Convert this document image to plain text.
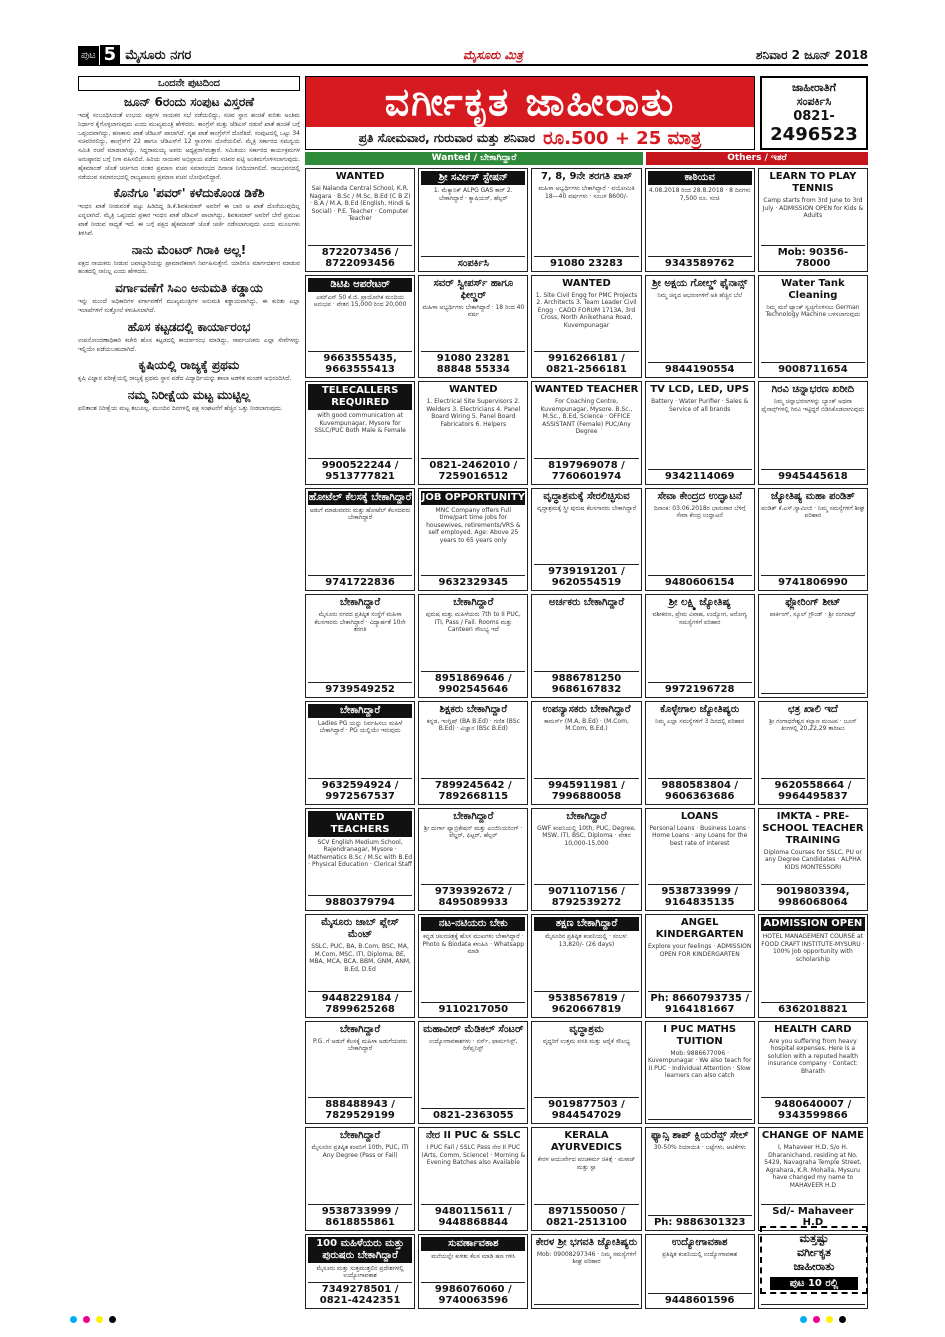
ಪುಟ 5 ಮೈಸೂರು ನಗರ	ಮೈಸೂರು ಮಿತ್ರ	ಶನಿವಾರ 2 ಜೂನ್ 2018
ಒಂದನೇ ಪುಟದಿಂದ
ಜೂನ್ 6ರಂದು ಸಂಪುಟ ವಿಸ್ತರಣೆ
ಇದಕ್ಕೆ ಸಂಬಂಧಿಸಿದಂತೆ ಉಭಯ ಪಕ್ಷಗಳ ನಾಯಕರ ಸಭೆ ನಡೆಯಲಿದ್ದು, ಸಚಿವ ಸ್ಥಾನ ಹಂಚಿಕೆ ಕುರಿತು ಅಂತಿಮ ನಿರ್ಧಾರ ಕೈಗೊಳ್ಳಲಾಗುವುದು ಎಂದು ಮುಖ್ಯಮಂತ್ರಿ ಹೇಳಿದರು. ಕಾಂಗ್ರೆಸ್ ಮತ್ತು ಜೆಡಿಎಸ್ ನಡುವೆ ಖಾತೆ ಹಂಚಿಕೆ ಬಗ್ಗೆ ಒಪ್ಪಂದವಾಗಿದ್ದು, ಹಣಕಾಸು ಖಾತೆ ಜೆಡಿಎಸ್ ಪಾಲಾಗಿದೆ. ಗೃಹ ಖಾತೆ ಕಾಂಗ್ರೆಸ್‌ಗೆ ದೊರೆತಿದೆ. ಸಂಪುಟದಲ್ಲಿ ಒಟ್ಟು 34 ಸಚಿವರಿರಲಿದ್ದು, ಕಾಂಗ್ರೆಸ್‌ಗೆ 22 ಹಾಗೂ ಜೆಡಿಎಸ್‌ಗೆ 12 ಸ್ಥಾನಗಳು ದೊರೆಯಲಿವೆ. ಮೈತ್ರಿ ಸರ್ಕಾರದ ಸಮನ್ವಯ ಸಮಿತಿ ರಚನೆ ಮಾಡಲಾಗಿದ್ದು, ಸಿದ್ದರಾಮಯ್ಯ ಅವರು ಅಧ್ಯಕ್ಷರಾಗಿರುತ್ತಾರೆ. ಸಮಿತಿಯು ಸರ್ಕಾರದ ಕಾರ್ಯಕ್ರಮಗಳ ಅನುಷ್ಠಾನದ ಬಗ್ಗೆ ನಿಗಾ ವಹಿಸಲಿದೆ. ಹಿರಿಯ ನಾಯಕರ ಅಭಿಪ್ರಾಯ ಪಡೆದು ಸಚಿವರ ಪಟ್ಟಿ ಅಂತಿಮಗೊಳಿಸಲಾಗುವುದು. ಹೈಕಮಾಂಡ್ ಜೊತೆ ಚರ್ಚಿಸಿದ ನಂತರ ಪ್ರಮಾಣ ವಚನ ಸಮಾರಂಭದ ದಿನಾಂಕ ನಿಗದಿಯಾಗಲಿದೆ. ರಾಜಭವನದಲ್ಲಿ ನಡೆಯುವ ಸಮಾರಂಭದಲ್ಲಿ ರಾಜ್ಯಪಾಲರು ಪ್ರಮಾಣ ವಚನ ಬೋಧಿಸಲಿದ್ದಾರೆ.
ಕೊನೆಗೂ 'ಪವರ್' ಕಳೆದುಕೊಂಡ ಡಿಕೆಶಿ
ಇಂಧನ ಖಾತೆ ನೀಡುವಂತೆ ಪಟ್ಟು ಹಿಡಿದಿದ್ದ ಡಿ.ಕೆ.ಶಿವಕುಮಾರ್ ಅವರಿಗೆ ಈ ಬಾರಿ ಆ ಖಾತೆ ದೊರೆಯುವುದಿಲ್ಲ ಎನ್ನಲಾಗಿದೆ. ಮೈತ್ರಿ ಒಪ್ಪಂದದ ಪ್ರಕಾರ ಇಂಧನ ಖಾತೆ ಜೆಡಿಎಸ್ ಪಾಲಾಗಿದ್ದು, ಶಿವಕುಮಾರ್ ಅವರಿಗೆ ಬೇರೆ ಪ್ರಮುಖ ಖಾತೆ ನೀಡುವ ಸಾಧ್ಯತೆ ಇದೆ. ಈ ಬಗ್ಗೆ ಪಕ್ಷದ ಹೈಕಮಾಂಡ್ ಜೊತೆ ಚರ್ಚೆ ನಡೆಸಲಾಗುವುದು ಎಂದು ಮೂಲಗಳು ತಿಳಿಸಿವೆ.
ನಾನು ಮೆಂಟರ್ ಗಿರಾಕಿ ಅಲ್ಲ!
ಪಕ್ಷದ ನಾಯಕರು ನೀಡುವ ಜವಾಬ್ದಾರಿಯನ್ನು ಪ್ರಾಮಾಣಿಕವಾಗಿ ನಿರ್ವಹಿಸುತ್ತೇನೆ. ಯಾರಿಗೂ ಮಾರ್ಗದರ್ಶನ ಮಾಡುವ ಹಂತದಲ್ಲಿ ನಾನಿಲ್ಲ ಎಂದು ಹೇಳಿದರು.
ವರ್ಗಾವಣೆಗೆ ಸಿಎಂ ಅನುಮತಿ ಕಡ್ಡಾಯ
ಇನ್ನು ಮುಂದೆ ಅಧಿಕಾರಿಗಳ ವರ್ಗಾವಣೆಗೆ ಮುಖ್ಯಮಂತ್ರಿಗಳ ಅನುಮತಿ ಕಡ್ಡಾಯವಾಗಿದ್ದು, ಈ ಕುರಿತು ಎಲ್ಲಾ ಇಲಾಖೆಗಳಿಗೆ ಸುತ್ತೋಲೆ ಕಳುಹಿಸಲಾಗಿದೆ.
ಹೊಸ ಕಟ್ಟಡದಲ್ಲಿ ಕಾರ್ಯಾರಂಭ
ಉಪನೋಂದಣಾಧಿಕಾರಿ ಕಚೇರಿ ಹೊಸ ಕಟ್ಟಡದಲ್ಲಿ ಕಾರ್ಯಾರಂಭ ಮಾಡಿದ್ದು, ಸಾರ್ವಜನಿಕರು ಎಲ್ಲಾ ಸೇವೆಗಳನ್ನು ಇಲ್ಲಿಯೇ ಪಡೆಯಬಹುದಾಗಿದೆ.
ಕೃಷಿಯಲ್ಲಿ ರಾಜ್ಯಕ್ಕೆ ಪ್ರಥಮ
ಕೃಷಿ ವಿಜ್ಞಾನ ಪರೀಕ್ಷೆಯಲ್ಲಿ ರಾಜ್ಯಕ್ಕೆ ಪ್ರಥಮ ಸ್ಥಾನ ಪಡೆದ ವಿದ್ಯಾರ್ಥಿಯನ್ನು ಶಾಲಾ ಆಡಳಿತ ಮಂಡಳಿ ಅಭಿನಂದಿಸಿದೆ.
ನಮ್ಮ ನಿರೀಕ್ಷೆಯ ಮಟ್ಟ ಮುಟ್ಟಿಲ್ಲ
ಫಲಿತಾಂಶ ನಿರೀಕ್ಷೆಯ ಮಟ್ಟ ತಲುಪಿಲ್ಲ. ಮುಂದಿನ ದಿನಗಳಲ್ಲಿ ಪಕ್ಷ ಸಂಘಟನೆಗೆ ಹೆಚ್ಚಿನ ಒತ್ತು ನೀಡಲಾಗುವುದು.
ವರ್ಗೀಕೃತ ಜಾಹೀರಾತು
ಪ್ರತಿ ಸೋಮವಾರ, ಗುರುವಾರ ಮತ್ತು ಶನಿವಾರ ರೂ.500 + 25 ಮಾತ್ರ
ಜಾಹೀರಾತಿಗೆ
ಸಂಪರ್ಕಿಸಿ
0821-
2496523
Wanted / ಬೇಕಾಗಿದ್ದಾರೆ	Others / ಇತರೆ
WANTED
Sai Nalanda Central School, K.R. Nagara · B.Sc / M.Sc, B.Ed (C B Z) · B.A / M.A, B.Ed (English, Hindi & Social) · P.E. Teacher · Computer Teacher
8722073456 / 8722093456
ಶ್ರೀ ಸರ್ವೀಸ್ ಸ್ಟೇಷನ್
1. ಮೆಕ್ಯಾನಿಕ್ ALPG GAS ಕಾರ್ 2. ಬೇಕಾಗಿದ್ದಾರೆ · ಕ್ಯಾಷಿಯರ್, ಹೆಲ್ಪರ್
ಸಂಪರ್ಕಿಸಿ
7, 8, 9ನೇ ತರಗತಿ ಪಾಸ್
ಮಹಿಳಾ ಅಭ್ಯರ್ಥಿಗಳು ಬೇಕಾಗಿದ್ದಾರೆ · ವಯೋಮಿತಿ 18—40 ವರ್ಷಗಳು · ಸಂಬಳ 8600/-
91080 23283
ಕಾಠಿಯವ
4.08.2018 ರಿಂದ 28.8.2018 · 8 ದಿನಗಳು 7,500 ರೂ. ಸಂಚಿ
9343589762
LEARN TO PLAY TENNIS
Camp starts from 3rd June to 3rd July · ADMISSION OPEN for Kids & Adults
Mob: 90356-78000
ಡಿಟಿಪಿ ಆಪರೇಟರ್
ಎಮ್‌ಎಸ್ 50 ಕೆ.ಜಿ. ಪ್ರಾಯೋಗಿಕ ಮಂದಿಯ ಅನುಭವ · ವೇತನ 15,000 ರಿಂದ 20,000
9663555435, 9663555413
ಸವರ್ ಸ್ವೀಪರ್ಸ್ ಹಾಗೂ ಫೀಲ್ಡರ್
ಮಹಿಳಾ ಅಭ್ಯರ್ಥಿಗಳು ಬೇಕಾಗಿದ್ದಾರೆ · 18 ರಿಂದ 40 ವರ್ಷ
91080 23281 88848 55334
WANTED
1. Site Civil Engg for PMC Projects 2. Architects 3. Team Leader Civil Engg · CADD FORUM 1713A, 3rd Cross, North Anikethana Road, Kuvempunagar
9916266181 / 0821-2566181
ಶ್ರೀ ಅಕ್ಷಯ ಗೋಲ್ಡ್ ಫೈನಾನ್ಸ್
ನಿಮ್ಮ ಚಿನ್ನದ ಆಭರಣಗಳಿಗೆ ಅತಿ ಹೆಚ್ಚಿನ ಬೆಲೆ
9844190554
Water Tank Cleaning
ನಿಮ್ಮ ಮನೆ ಟ್ಯಾಂಕ್ ಸ್ವಚ್ಛಗೊಳಿಸಲು German Technology Machine ಬಳಸಲಾಗುವುದು
9008711654
TELECALLERS REQUIRED
with good communication at Kuvempunagar, Mysore for SSLC/PUC Both Male & Female
9900522244 / 9513777821
WANTED
1. Electrical Site Supervisors 2. Welders 3. Electricians 4. Panel Board Wiring 5. Panel Board Fabricators 6. Helpers
0821-2462010 / 7259016512
WANTED TEACHER
For Coaching Centre, Kuvempunagar, Mysore. B.Sc., M.Sc., B.Ed, Science · OFFICE ASSISTANT (Female) PUC/Any Degree
8197969078 / 7760601974
TV LCD, LED, UPS
Battery · Water Purifier · Sales & Service of all brands
9342114069
ಗಿರವಿ ಚಿನ್ನಾಭರಣ ಖರೀದಿ
ನಿಮ್ಮ ಚಿನ್ನಾಭರಣಗಳನ್ನು ಬ್ಯಾಂಕ್ ಅಥವಾ ಫೈನಾನ್ಸ್‌ಗಳಲ್ಲಿ ಗಿರವಿ ಇಟ್ಟಿದ್ದರೆ ಬಿಡಿಸಿಕೊಡಲಾಗುವುದು
9945445618
ಹೋಟೆಲ್ ಕೆಲಸಕ್ಕೆ ಬೇಕಾಗಿದ್ದಾರೆ
ಅಡುಗೆ ಮಾಡುವವರು ಮತ್ತು ಹೋಟೆಲ್ ಕೆಲಸದವರು ಬೇಕಾಗಿದ್ದಾರೆ
9741722836
JOB OPPORTUNITY
MNC Company offers Full time/part time jobs for housewives, retirements/VRS & self employed. Age: Above 25 years to 65 years only
9632329345
ವೃದ್ಧಾಶ್ರಮಕ್ಕೆ ಸೇರಲಿಚ್ಛಿಸುವ
ವೃದ್ಧಾಶ್ರಮಕ್ಕೆ ಸ್ತ್ರೀ ಪುರುಷ ಕೆಲಸಗಾರರು ಬೇಕಾಗಿದ್ದಾರೆ
9739191201 / 9620554519
ಸೇವಾ ಕೇಂದ್ರದ ಉದ್ಘಾಟನೆ
ದಿನಾಂಕ: 03.06.2018ರ ಭಾನುವಾರ ಬೆಳಿಗ್ಗೆ ಸೇವಾ ಕೇಂದ್ರ ಉದ್ಘಾಟನೆ
9480606154
ಜ್ಯೋತಿಷ್ಯ ಮಹಾ ಪಂಡಿತ್
ಪಂಡಿತ್ ಕೆ.ಎಸ್.ಸ್ವಾಮೀಜಿ · ನಿಮ್ಮ ಸಮಸ್ಯೆಗಳಿಗೆ ಶೀಘ್ರ ಪರಿಹಾರ
9741806990
ಬೇಕಾಗಿದ್ದಾರೆ
ಮೈಸೂರು ನಗರದ ಪ್ರತಿಷ್ಠಿತ ಸಂಸ್ಥೆಗೆ ಮಹಿಳಾ ಕೆಲಸಗಾರರು ಬೇಕಾಗಿದ್ದಾರೆ · ವಿದ್ಯಾರ್ಹತೆ 10ನೇ ತರಗತಿ
9739549252
ಬೇಕಾಗಿದ್ದಾರೆ
ಪುರುಷ ಮತ್ತು ಮಹಿಳೆಯರು 7th to II PUC, ITI, Pass / Fail. Rooms ಮತ್ತು Canteen ಸೌಲಭ್ಯ ಇದೆ
8951869646 / 9902545646
ಅರ್ಚಕರು ಬೇಕಾಗಿದ್ದಾರೆ
9886781250 9686167832
ಶ್ರೀ ಲಕ್ಷ್ಮಿ ಜ್ಯೋತಿಷ್ಯ
ವಶೀಕರಣ, ಪ್ರೇಮ ವಿವಾಹ, ಉದ್ಯೋಗ, ಆರೋಗ್ಯ ಸಮಸ್ಯೆಗಳಿಗೆ ಪರಿಹಾರ
9972196728
ಫ್ಲೋರಿಂಗ್ ಶೀಟ್
ಪಾರ್ಕಿಂಗ್, ಸ್ಕೂಲ್ ಗ್ರೌಂಡ್ · ಶ್ರೀ ರಂಗನಾಥ್
ಬೇಕಾಗಿದ್ದಾರೆ
Ladies PG ಯನ್ನು ನಿರ್ವಹಿಸಲು ಮಹಿಳೆ ಬೇಕಾಗಿದ್ದಾರೆ · PG ಯಲ್ಲಿಯೇ ಇರುವುದು
9632594924 / 9972567537
ಶಿಕ್ಷಕರು ಬೇಕಾಗಿದ್ದಾರೆ
ಕನ್ನಡ, ಇಂಗ್ಲಿಷ್ (BA B.Ed) · ಗಣಿತ (BSc B.Ed) · ವಿಜ್ಞಾನ (BSc B.Ed)
7899245642 / 7892668115
ಉಪನ್ಯಾಸಕರು ಬೇಕಾಗಿದ್ದಾರೆ
ಕಾಮರ್ಸ್ (M.A, B.Ed) · (M.Com, M.Com, B.Ed.)
9945911981 / 7996880058
ಕೊಳ್ಳೇಗಾಲ ಜ್ಯೋತಿಷ್ಯರು
ನಿಮ್ಮ ಎಲ್ಲಾ ಸಮಸ್ಯೆಗಳಿಗೆ 3 ದಿನದಲ್ಲಿ ಪರಿಹಾರ
9880583804 / 9606363686
ಛತ್ರ ಖಾಲಿ ಇದೆ
ಶ್ರೀ ಗಂಗಾಧರೇಶ್ವರ ಕಲ್ಯಾಣ ಮಂಟಪ · ಜೂನ್ ತಿಂಗಳಲ್ಲಿ 20,22,29 ತಾರೀಖು
9620558664 / 9964495837
WANTED TEACHERS
SCV English Medium School, Rajendranagar, Mysore · Mathematics B.Sc / M.Sc with B.Ed · Physical Education · Clerical Staff
9880379794
ಬೇಕಾಗಿದ್ದಾರೆ
ಶ್ರೀ ದುರ್ಗಾ ಫ್ಯಾಬ್ರಿಕೇಷನ್ ಮತ್ತು ಎಂಜಿನಿಯರಿಂಗ್ · ವೆಲ್ಡರ್, ಫಿಟ್ಟರ್, ಹೆಲ್ಪರ್
9739392672 / 8495089933
ಬೇಕಾಗಿದ್ದಾರೆ
GWF ಕಂಪನಿಯಲ್ಲಿ 10th, PUC, Degree, MSW, ITI, BSC, Diploma · ವೇತನ 10,000-15,000
9071107156 / 8792539272
LOANS
Personal Loans · Business Loans · Home Loans · any Loans for the best rate of interest
9538733999 / 9164835135
IMKTA - PRE-SCHOOL TEACHER TRAINING
Diploma Courses for SSLC, PU or any Degree Candidates · ALPHA KIDS MONTESSORI
9019803394, 9986068064
ಮೈಸೂರು ಜಾಬ್ ಪ್ಲೇಸ್ ಮೆಂಟ್
SSLC, PUC, BA, B.Com, BSC, MA, M.Com, MSC, ITI, Diploma, BE, MBA, MCA, BCA, BBM, GNM, ANM, B.Ed, D.Ed
9448229184 / 7899625268
ನಟ-ನಟಿಯರು ಬೇಕು
ಕನ್ನಡ ಚಲನಚಿತ್ರಕ್ಕೆ ಹೊಸ ಮುಖಗಳು ಬೇಕಾಗಿದ್ದಾರೆ · Photo & Biodata ಕಳುಹಿಸಿ · Whatsapp ಮಾಡಿ
9110217050
ತಕ್ಷಣ ಬೇಕಾಗಿದ್ದಾರೆ
ಮೈಸೂರಿನ ಪ್ರತಿಷ್ಠಿತ ಕಂಪನಿಯಲ್ಲಿ · ಸಂಬಳ: 13,820/- (26 days)
9538567819 / 9620667819
ANGEL KINDERGARTEN
Explore your feelings · ADMISSION OPEN FOR KINDERGARTEN
Ph: 8660793735 / 9164181667
ADMISSION OPEN
HOTEL MANAGEMENT COURSE at FOOD CRAFT INSTITUTE-MYSURU · 100% Job opportunity with scholarship
6362018821
ಬೇಕಾಗಿದ್ದಾರೆ
P.G. ಗೆ ಅಡುಗೆ ಕೆಲಸಕ್ಕೆ ಮಹಿಳಾ ಅಡುಗೆಯವರು ಬೇಕಾಗಿದ್ದಾರೆ
888488943 / 7829529199
ಮಹಾವೀರ್ ಮೆಡಿಕಲ್ ಸೆಂಟರ್
ಉದ್ಯೋಗಾವಕಾಶಗಳು · ನರ್ಸ್, ಫಾರ್ಮಸಿಸ್ಟ್, ರಿಸೆಪ್ಷನಿಸ್ಟ್
0821-2363055
ವೃದ್ಧಾಶ್ರಮ
ವೃದ್ಧರಿಗೆ ಉತ್ತಮ ವಸತಿ ಮತ್ತು ಆರೈಕೆ ಸೌಲಭ್ಯ
9019877503 / 9844547029
I PUC MATHS TUITION
Mob: 9886677096 · Kuvempunagar · We also teach for II PUC · Individual Attention · Slow learners can also catch
HEALTH CARD
Are you suffering from heavy hospital expenses. Here is a solution with a reputed health insurance company · Contact: Bharath
9480640007 / 9343599866
ಬೇಕಾಗಿದ್ದಾರೆ
ಮೈಸೂರಿನ ಪ್ರತಿಷ್ಠಿತ ಕಂಪನಿಗೆ 10th, PUC, ITI Any Degree (Pass or Fail)
9538733999 / 8618855861
ನೇರ II PUC & SSLC
I PUC Fail / SSLC Pass ನೇರ II PUC (Arts, Comm, Science) · Morning & Evening Batches also Available
9480115611 / 9448868844
KERALA AYURVEDICS
ಕೇರಳ ಆಯುರ್ವೇದ ಪಂಚಕರ್ಮ ಚಿಕಿತ್ಸೆ · ಮಸಾಜ್ ಮತ್ತು ಸ್ಪಾ
8971550050 / 0821-2513100
ಫ್ಯಾನ್ಸಿ ಶಾಪ್ ಕ್ಲಿಯರೆನ್ಸ್ ಸೇಲ್
30-50% ರಿಯಾಯಿತಿ · ಬಟ್ಟೆಗಳು, ಆಟಿಕೆಗಳು
Ph: 9886301323
CHANGE OF NAME
I, Mahaveer H.D, S/o H. Dharanichand, residing at No. 5429, Navagraha Temple Street, Agrahara, K.R. Mohalla, Mysuru have changed my name to MAHAVEER H.D
Sd/- Mahaveer H.D
100 ಮಹಿಳೆಯರು ಮತ್ತು ಪುರುಷರು ಬೇಕಾಗಿದ್ದಾರೆ
ಮೈಸೂರು ಮತ್ತು ಸುತ್ತಮುತ್ತಲಿನ ಪ್ರದೇಶಗಳಲ್ಲಿ ಉದ್ಯೋಗಾವಕಾಶ
7349278501 / 0821-4242351
ಸುವರ್ಣಾವಕಾಶ
ಮನೆಯಲ್ಲೇ ಕುಳಿತು ಕೆಲಸ ಮಾಡಿ ಹಣ ಗಳಿಸಿ
9986076060 / 9740063596
ಕೇರಳ ಶ್ರೀ ಭಗವತಿ ಜ್ಯೋತಿಷ್ಯರು
Mob: 09008297346 · ನಿಮ್ಮ ಸಮಸ್ಯೆಗಳಿಗೆ ಶೀಘ್ರ ಪರಿಹಾರ
ಉದ್ಯೋಗಾವಕಾಶ
ಪ್ರತಿಷ್ಠಿತ ಕಂಪನಿಯಲ್ಲಿ ಉದ್ಯೋಗಾವಕಾಶ
9448601596
ಮತ್ತಷ್ಟು
ವರ್ಗೀಕೃತ
ಜಾಹೀರಾತು
ಪುಟ 10 ರಲ್ಲಿ
